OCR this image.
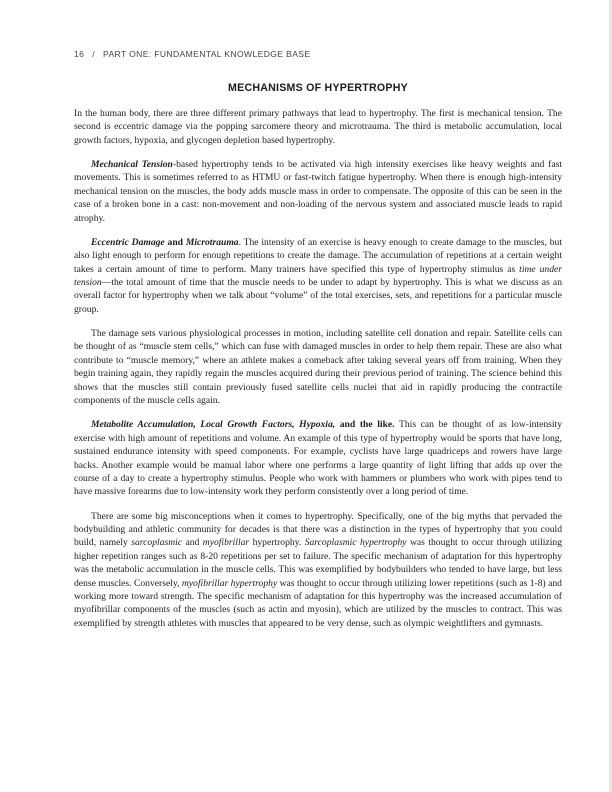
16 / PART ONE: FUNDAMENTAL KNOWLEDGE BASE
MECHANISMS OF HYPERTROPHY

In the human body, there are three different primary pathways that lead to hypertrophy. The first is mechanical tension. The second is eccentric damage via the popping sarcomere theory and microtrauma. The third is metabolic accumulation, local growth factors, hypoxia, and glycogen depletion based hypertrophy.

Mechanical Tension-based hypertrophy tends to be activated via high intensity exercises like heavy weights and fast movements. This is sometimes referred to as HTMU or fast-twitch fatigue hypertrophy. When there is enough high-intensity mechanical tension on the muscles, the body adds muscle mass in order to compensate. The opposite of this can be seen in the case of a broken bone in a cast: non-movement and non-loading of the nervous system and associated muscle leads to rapid atrophy.

Eccentric Damage and Microtrauma. The intensity of an exercise is heavy enough to create damage to the muscles, but also light enough to perform for enough repetitions to create the damage. The accumulation of repetitions at a certain weight takes a certain amount of time to perform. Many trainers have specified this type of hypertrophy stimulus as time under tension—the total amount of time that the muscle needs to be under to adapt by hypertrophy. This is what we discuss as an overall factor for hypertrophy when we talk about “volume” of the total exercises, sets, and repetitions for a particular muscle group.

The damage sets various physiological processes in motion, including satellite cell donation and repair. Satellite cells can be thought of as “muscle stem cells,” which can fuse with damaged muscles in order to help them repair. These are also what contribute to “muscle memory,” where an athlete makes a comeback after taking several years off from training. When they begin training again, they rapidly regain the muscles acquired during their previous period of training. The science behind this shows that the muscles still contain previously fused satellite cells nuclei that aid in rapidly producing the contractile components of the muscle cells again.

Metabolite Accumulation, Local Growth Factors, Hypoxia, and the like. This can be thought of as low-intensity exercise with high amount of repetitions and volume. An example of this type of hypertrophy would be sports that have long, sustained endurance intensity with speed components. For example, cyclists have large quadriceps and rowers have large backs. Another example would be manual labor where one performs a large quantity of light lifting that adds up over the course of a day to create a hypertrophy stimulus. People who work with hammers or plumbers who work with pipes tend to have massive forearms due to low-intensity work they perform consistently over a long period of time.

There are some big misconceptions when it comes to hypertrophy. Specifically, one of the big myths that pervaded the bodybuilding and athletic community for decades is that there was a distinction in the types of hypertrophy that you could build, namely sarcoplasmic and myofibrillar hypertrophy. Sarcoplasmic hypertrophy was thought to occur through utilizing higher repetition ranges such as 8-20 repetitions per set to failure. The specific mechanism of adaptation for this hypertrophy was the metabolic accumulation in the muscle cells. This was exemplified by bodybuilders who tended to have large, but less dense muscles. Conversely, myofibrillar hypertrophy was thought to occur through utilizing lower repetitions (such as 1-8) and working more toward strength. The specific mechanism of adaptation for this hypertrophy was the increased accumulation of myofibrillar components of the muscles (such as actin and myosin), which are utilized by the muscles to contract. This was exemplified by strength athletes with muscles that appeared to be very dense, such as olympic weightlifters and gymnasts.
